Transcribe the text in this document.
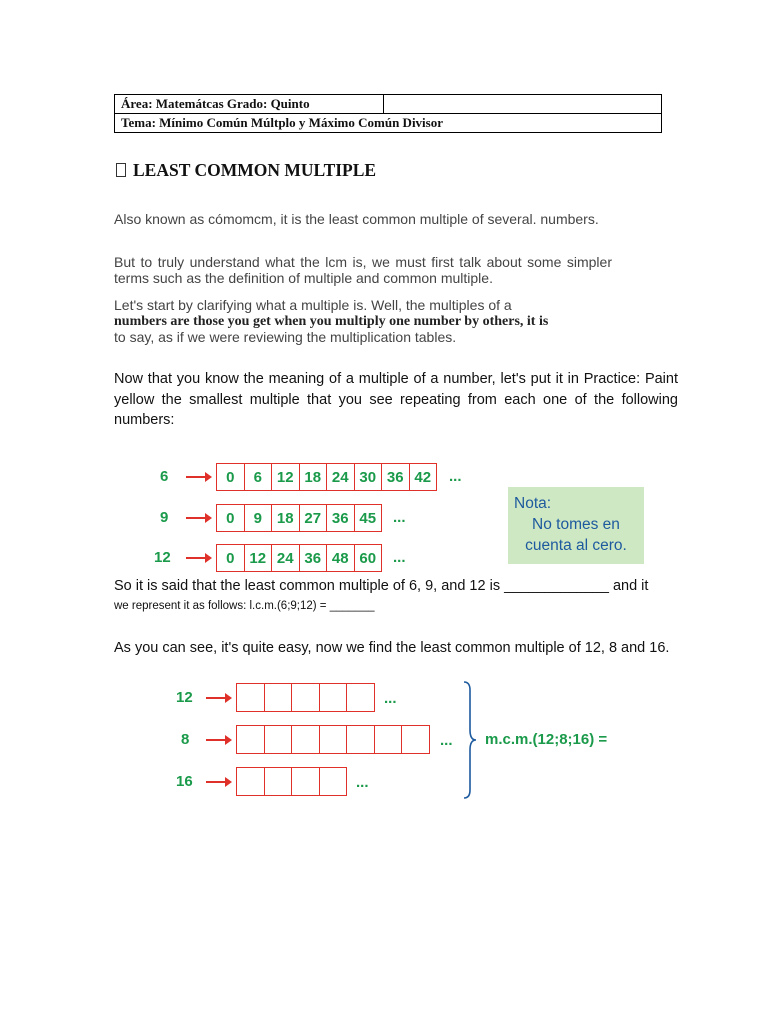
Área: Matemátcas Grado: Quinto	
Tema: Mínimo Común Múltplo y Máximo Común Divisor
LEAST COMMON MULTIPLE

Also known as cómomcm, it is the least common multiple of several. numbers.

But to truly understand what the lcm is, we must first talk about some simpler terms such as the definition of multiple and common multiple.

Let's start by clarifying what a multiple is. Well, the multiples of a
numbers are those you get when you multiply one number by others, it is
to say, as if we were reviewing the multiplication tables.

Now that you know the meaning of a multiple of a number, let's put it in Practice: Paint yellow the smallest multiple that you see repeating from each one of the following numbers:

6	0	6 12 18 24 30 36 42	...
9	0	9 18 27 36 45	...
12	0 12 24 36 48 60	...
Nota:
No tomes en
cuenta al cero.

So it is said that the least common multiple of 6, 9, and 12 is _____________ and it

we represent it as follows: l.c.m.(6;9;12) = _______

As you can see, it's quite easy, now we find the least common multiple of 12, 8 and 16.

12	...
8	...
16	...
m.c.m.(12;8;16) =
